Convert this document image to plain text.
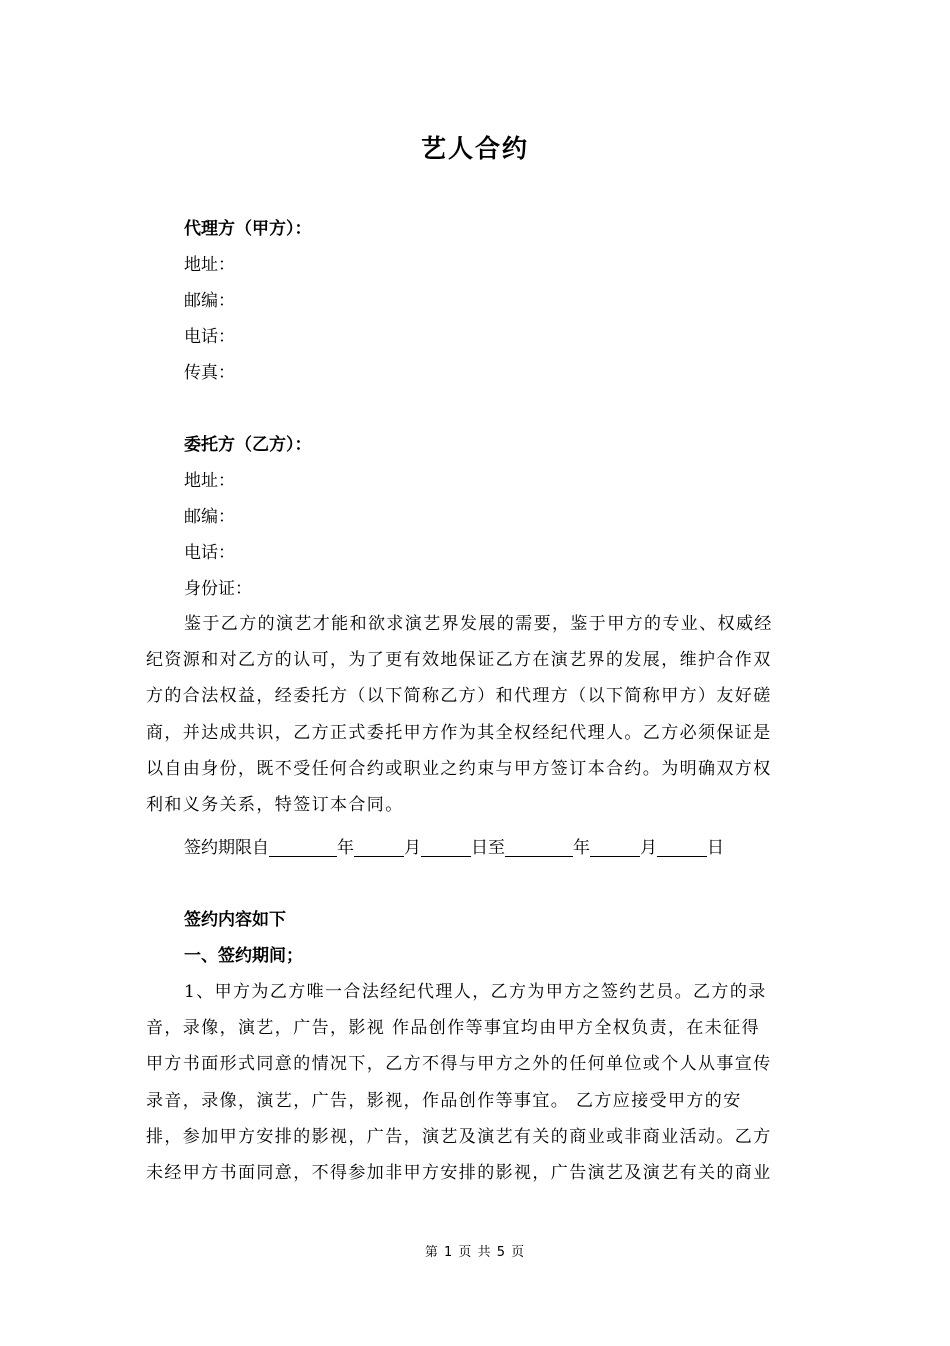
艺人合约
代理方（甲方）：
地址：
邮编：
电话：
传真：
委托方（乙方）：
地址：
邮编：
电话：
身份证：
鉴于乙方的演艺才能和欲求演艺界发展的需要，鉴于甲方的专业、权威经
纪资源和对乙方的认可，为了更有效地保证乙方在演艺界的发展，维护合作双
方的合法权益，经委托方（以下简称乙方）和代理方（以下简称甲方）友好磋
商，并达成共识，乙方正式委托甲方作为其全权经纪代理人。乙方必须保证是
以自由身份，既不受任何合约或职业之约束与甲方签订本合约。为明确双方权
利和义务关系，特签订本合同。
签约期限自	年	月	日至	年	月	日
签约内容如下
一、签约期间；
1、甲方为乙方唯一合法经纪代理人，乙方为甲方之签约艺员。乙方的录
音，录像，演艺，广告，影视 作品创作等事宜均由甲方全权负责，在未征得
甲方书面形式同意的情况下，乙方不得与甲方之外的任何单位或个人从事宣传
录音，录像，演艺，广告，影视，作品创作等事宜。 乙方应接受甲方的安
排，参加甲方安排的影视，广告，演艺及演艺有关的商业或非商业活动。乙方
未经甲方书面同意，不得参加非甲方安排的影视，广告演艺及演艺有关的商业
第 1 页 共 5 页
